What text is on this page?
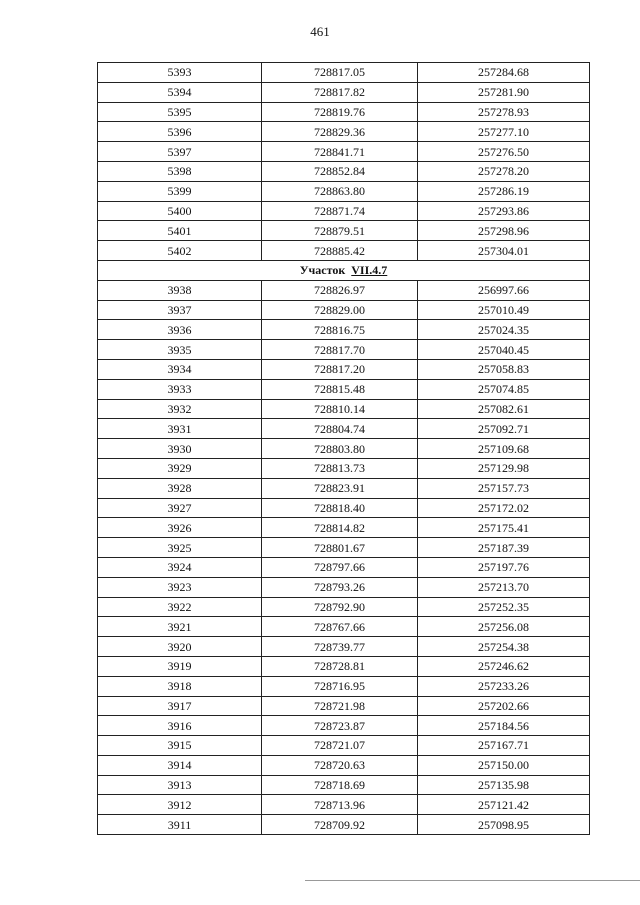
461
5393	728817.05	257284.68
5394	728817.82	257281.90
5395	728819.76	257278.93
5396	728829.36	257277.10
5397	728841.71	257276.50
5398	728852.84	257278.20
5399	728863.80	257286.19
5400	728871.74	257293.86
5401	728879.51	257298.96
5402	728885.42	257304.01
Участок VII.4.7		
3938	728826.97	256997.66
3937	728829.00	257010.49
3936	728816.75	257024.35
3935	728817.70	257040.45
3934	728817.20	257058.83
3933	728815.48	257074.85
3932	728810.14	257082.61
3931	728804.74	257092.71
3930	728803.80	257109.68
3929	728813.73	257129.98
3928	728823.91	257157.73
3927	728818.40	257172.02
3926	728814.82	257175.41
3925	728801.67	257187.39
3924	728797.66	257197.76
3923	728793.26	257213.70
3922	728792.90	257252.35
3921	728767.66	257256.08
3920	728739.77	257254.38
3919	728728.81	257246.62
3918	728716.95	257233.26
3917	728721.98	257202.66
3916	728723.87	257184.56
3915	728721.07	257167.71
3914	728720.63	257150.00
3913	728718.69	257135.98
3912	728713.96	257121.42
3911	728709.92	257098.95
